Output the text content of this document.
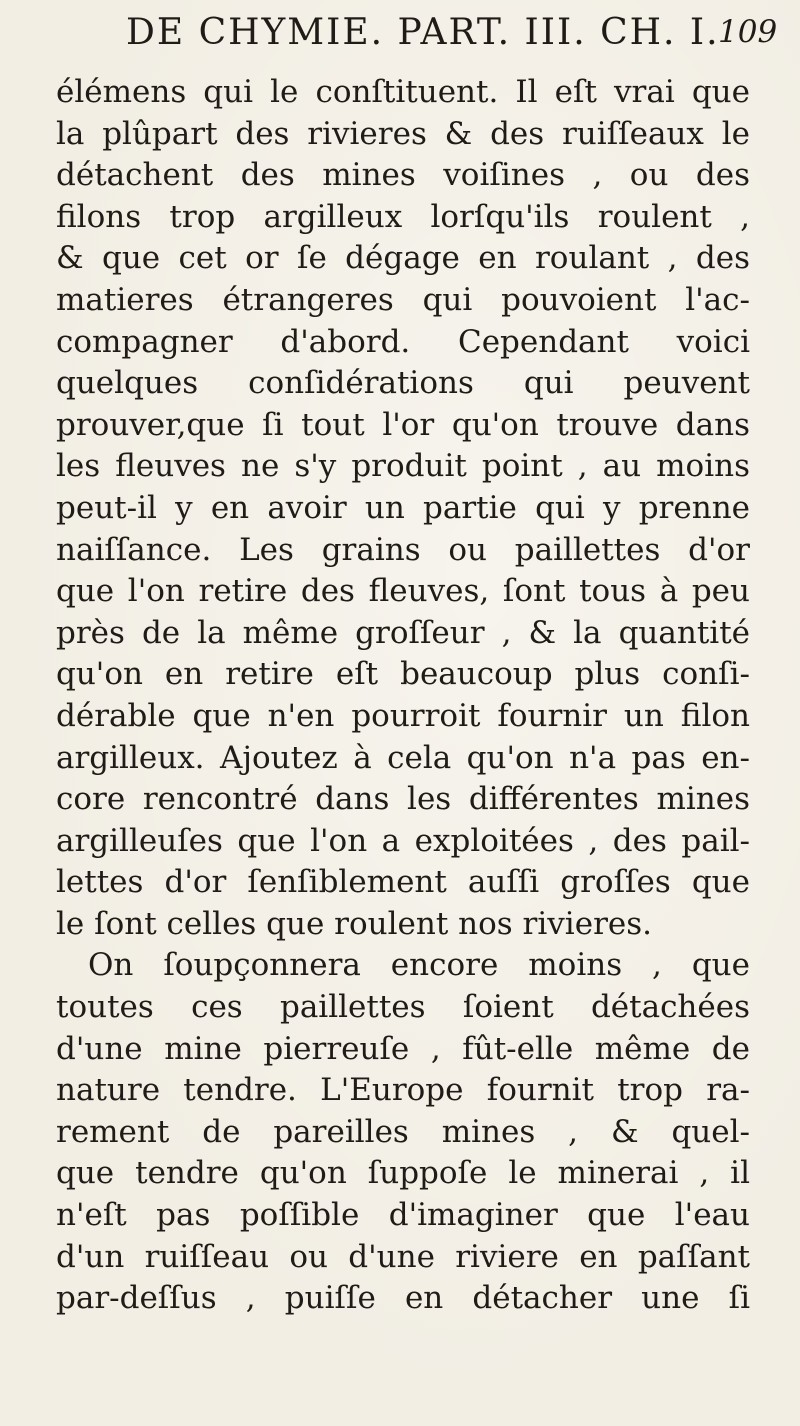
DE CHYMIE. PART. III. CH. I.
109
élémens qui le conſtituent. Il eſt vrai que
la plûpart des rivieres & des ruiſſeaux le
détachent des mines voiſines , ou des
filons trop argilleux lorſqu'ils roulent ,
& que cet or ſe dégage en roulant , des
matieres étrangeres qui pouvoient l'ac-
compagner d'abord. Cependant voici
quelques conſidérations qui peuvent
prouver,que ſi tout l'or qu'on trouve dans
les fleuves ne s'y produit point , au moins
peut-il y en avoir un partie qui y prenne
naiſſance. Les grains ou paillettes d'or
que l'on retire des fleuves, ſont tous à peu
près de la même groſſeur , & la quantité
qu'on en retire eſt beaucoup plus conſi-
dérable que n'en pourroit fournir un filon
argilleux. Ajoutez à cela qu'on n'a pas en-
core rencontré dans les différentes mines
argilleuſes que l'on a exploitées , des pail-
lettes d'or ſenſiblement auſſi groſſes que
le ſont celles que roulent nos rivieres.
On ſoupçonnera encore moins , que
toutes ces paillettes ſoient détachées
d'une mine pierreuſe , fût-elle même de
nature tendre. L'Europe fournit trop ra-
rement de pareilles mines , & quel-
que tendre qu'on ſuppoſe le minerai , il
n'eſt pas poſſible d'imaginer que l'eau
d'un ruiſſeau ou d'une riviere en paſſant
par-deſſus , puiſſe en détacher une ſi
